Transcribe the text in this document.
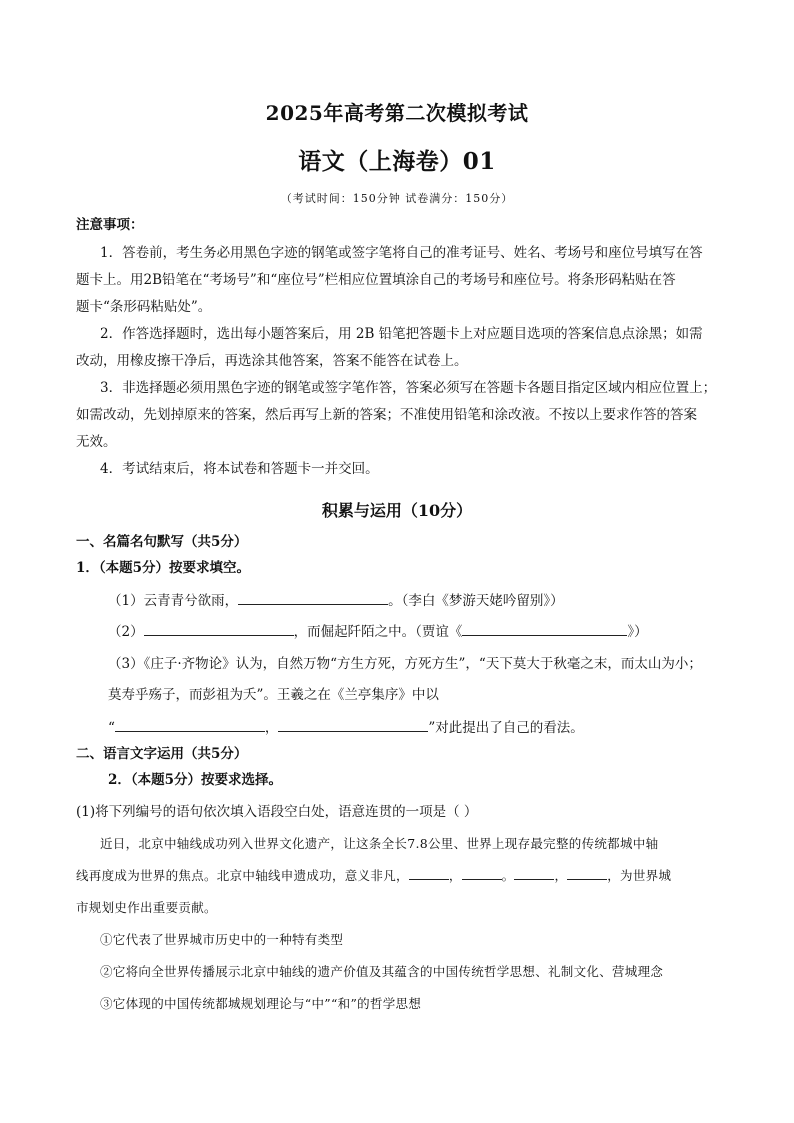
2025年高考第二次模拟考试
语文（上海卷）01
（考试时间：150分钟 试卷满分：150分）
注意事项：
1．答卷前，考生务必用黑色字迹的钢笔或签字笔将自己的准考证号、姓名、考场号和座位号填写在答
题卡上。用2B铅笔在“考场号”和“座位号”栏相应位置填涂自己的考场号和座位号。将条形码粘贴在答
题卡“条形码粘贴处”。
2．作答选择题时，选出每小题答案后，用 2B 铅笔把答题卡上对应题目选项的答案信息点涂黑；如需
改动，用橡皮擦干净后，再选涂其他答案，答案不能答在试卷上。
3．非选择题必须用黑色字迹的钢笔或签字笔作答，答案必须写在答题卡各题目指定区域内相应位置上；
如需改动，先划掉原来的答案，然后再写上新的答案；不准使用铅笔和涂改液。不按以上要求作答的答案
无效。
4．考试结束后，将本试卷和答题卡一并交回。
积累与运用（10分）
一、名篇名句默写（共5分）
1．（本题5分）按要求填空。
（1）云青青兮欲雨，	。（李白《梦游天姥吟留别》）
（2）	，而倔起阡陌之中。（贾谊《	》）
（3）《庄子·齐物论》认为，自然万物“方生方死，方死方生”，“天下莫大于秋毫之末，而太山为小；
莫寿乎殇子，而彭祖为夭”。王羲之在《兰亭集序》中以
“	，	”对此提出了自己的看法。
二、语言文字运用（共5分）
2．（本题5分）按要求选择。
(1)将下列编号的语句依次填入语段空白处，语意连贯的一项是（ ）
近日，北京中轴线成功列入世界文化遗产，让这条全长7.8公里、世界上现存最完整的传统都城中轴
线再度成为世界的焦点。北京中轴线申遗成功，意义非凡，	，	。	，	，为世界城
市规划史作出重要贡献。
①它代表了世界城市历史中的一种特有类型
②它将向全世界传播展示北京中轴线的遗产价值及其蕴含的中国传统哲学思想、礼制文化、营城理念
③它体现的中国传统都城规划理论与“中”“和”的哲学思想
